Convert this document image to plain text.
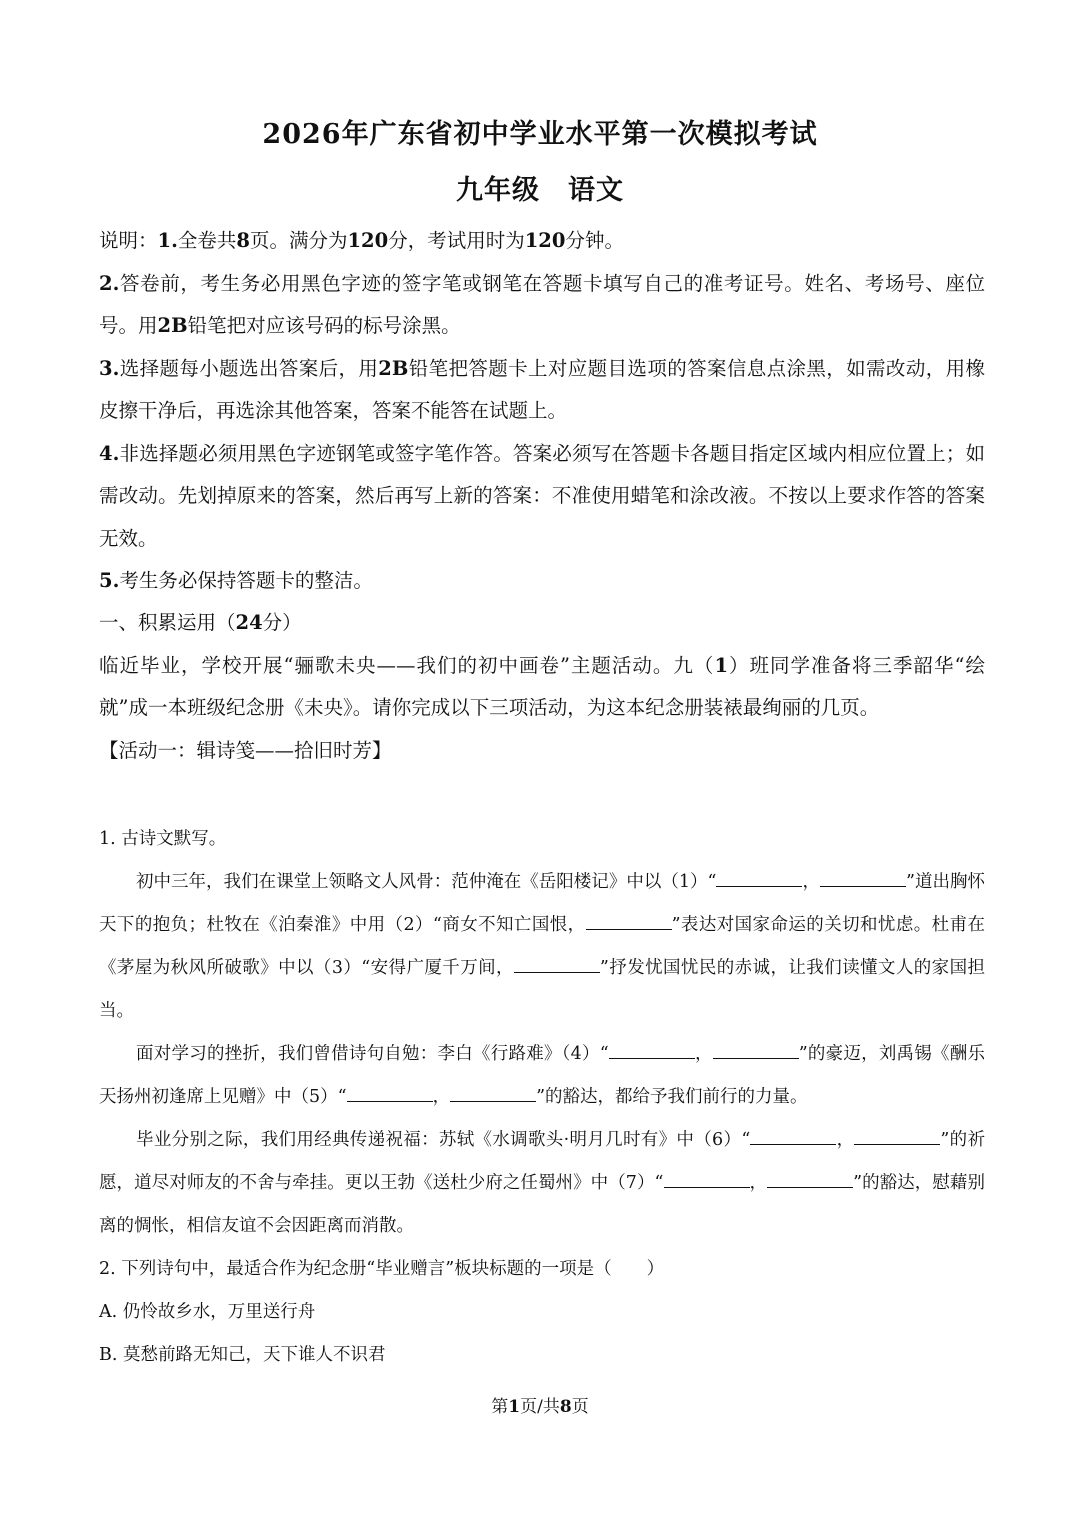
2026年广东省初中学业水平第一次模拟考试
九年级　语文

说明：1.全卷共8页。满分为120分，考试用时为120分钟。

2.答卷前，考生务必用黑色字迹的签字笔或钢笔在答题卡填写自己的准考证号。姓名、考场号、座位号。用2B铅笔把对应该号码的标号涂黑。

3.选择题每小题选出答案后，用2B铅笔把答题卡上对应题目选项的答案信息点涂黑，如需改动，用橡皮擦干净后，再选涂其他答案，答案不能答在试题上。

4.非选择题必须用黑色字迹钢笔或签字笔作答。答案必须写在答题卡各题目指定区域内相应位置上；如需改动。先划掉原来的答案，然后再写上新的答案：不准使用蜡笔和涂改液。不按以上要求作答的答案无效。

5.考生务必保持答题卡的整洁。

一、积累运用（24分）

临近毕业，学校开展“骊歌未央——我们的初中画卷”主题活动。九（1）班同学准备将三季韶华“绘就”成一本班级纪念册《未央》。请你完成以下三项活动，为这本纪念册装裱最绚丽的几页。

【活动一：辑诗笺——拾旧时芳】

1. 古诗文默写。

初中三年，我们在课堂上领略文人风骨：范仲淹在《岳阳楼记》中以（1）“	，	”道出胸怀天下的抱负；杜牧在《泊秦淮》中用（2）“商女不知亡国恨，	”表达对国家命运的关切和忧虑。杜甫在《茅屋为秋风所破歌》中以（3）“安得广厦千万间，	”抒发忧国忧民的赤诚，让我们读懂文人的家国担当。

面对学习的挫折，我们曾借诗句自勉：李白《行路难》（4）“	，	”的豪迈，刘禹锡《酬乐天扬州初逢席上见赠》中（5）“	，	”的豁达，都给予我们前行的力量。

毕业分别之际，我们用经典传递祝福：苏轼《水调歌头·明月几时有》中（6）“	，	”的祈愿，道尽对师友的不舍与牵挂。更以王勃《送杜少府之任蜀州》中（7）“	，	”的豁达，慰藉别离的惆怅，相信友谊不会因距离而消散。

2. 下列诗句中，最适合作为纪念册“毕业赠言”板块标题的一项是（　　）

A. 仍怜故乡水，万里送行舟

B. 莫愁前路无知己，天下谁人不识君

第1页/共8页
